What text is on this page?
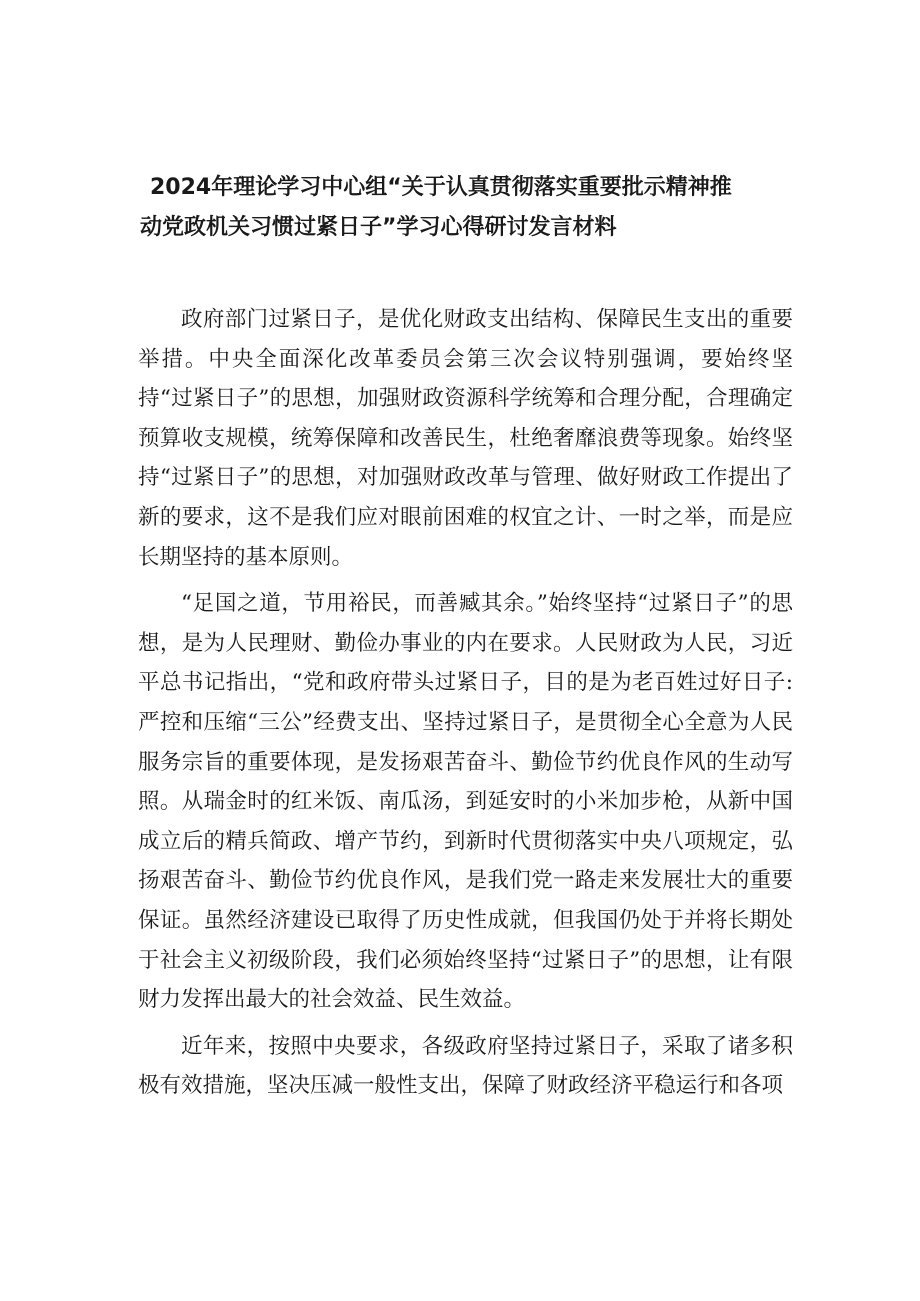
2024年理论学习中心组“关于认真贯彻落实重要批示精神推
动党政机关习惯过紧日子”学习心得研讨发言材料

政府部门过紧日子，是优化财政支出结构、保障民生支出的重要举措。中央全面深化改革委员会第三次会议特别强调，要始终坚持“过紧日子”的思想，加强财政资源科学统筹和合理分配，合理确定预算收支规模，统筹保障和改善民生，杜绝奢靡浪费等现象。始终坚持“过紧日子”的思想，对加强财政改革与管理、做好财政工作提出了新的要求，这不是我们应对眼前困难的权宜之计、一时之举，而是应长期坚持的基本原则。

“足国之道，节用裕民，而善臧其余。”始终坚持“过紧日子”的思想，是为人民理财、勤俭办事业的内在要求。人民财政为人民，习近平总书记指出，“党和政府带头过紧日子，目的是为老百姓过好日子:严控和压缩“三公”经费支出、坚持过紧日子，是贯彻全心全意为人民服务宗旨的重要体现，是发扬艰苦奋斗、勤俭节约优良作风的生动写照。从瑞金时的红米饭、南瓜汤，到延安时的小米加步枪，从新中国成立后的精兵简政、增产节约，到新时代贯彻落实中央八项规定，弘扬艰苦奋斗、勤俭节约优良作风，是我们党一路走来发展壮大的重要保证。虽然经济建设已取得了历史性成就，但我国仍处于并将长期处于社会主义初级阶段，我们必须始终坚持“过紧日子”的思想，让有限财力发挥出最大的社会效益、民生效益。

近年来，按照中央要求，各级政府坚持过紧日子，采取了诸多积极有效措施，坚决压减一般性支出，保障了财政经济平稳运行和各项
